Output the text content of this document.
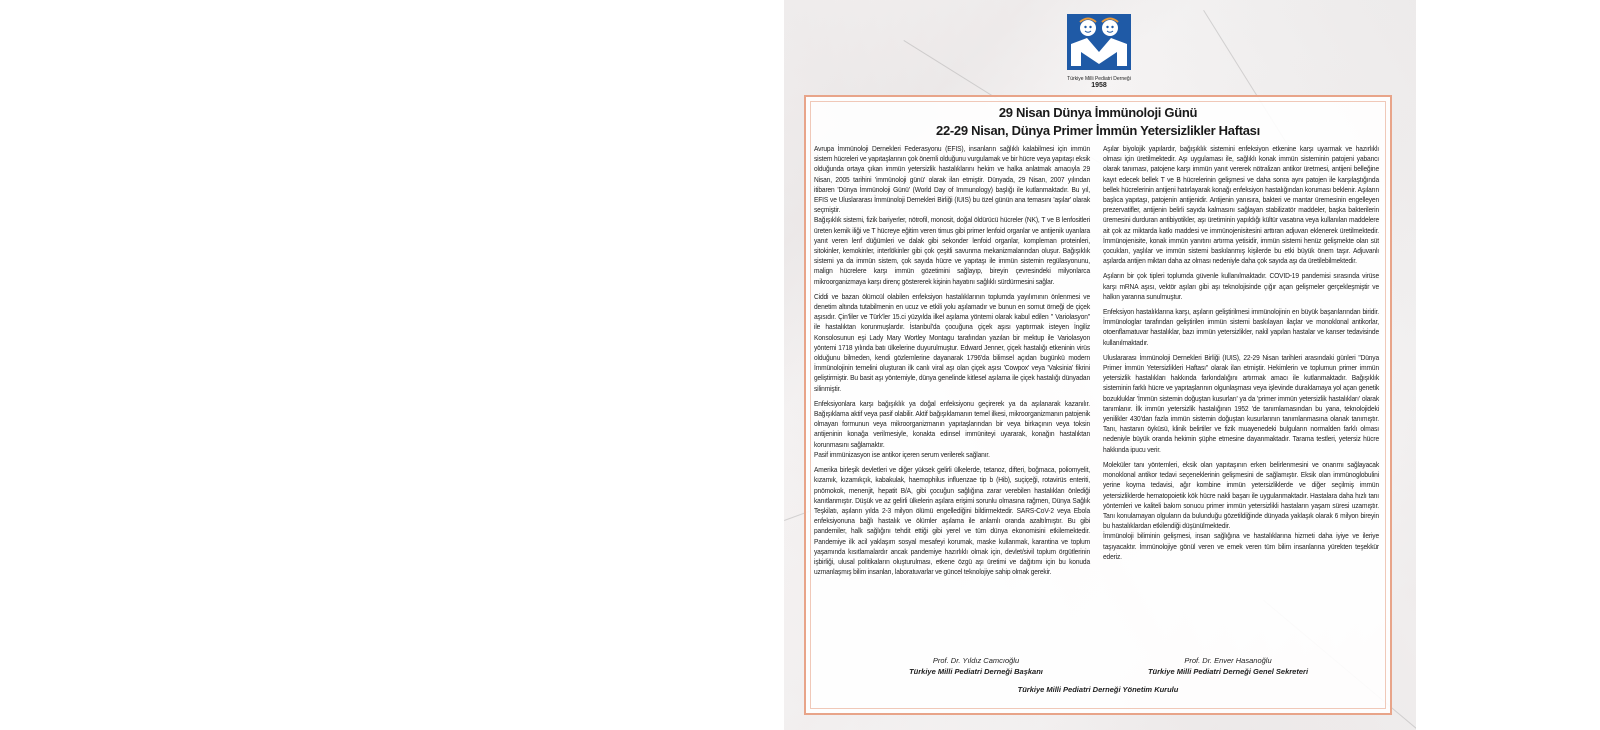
Türkiye Milli Pediatri Derneği
1958
29 Nisan Dünya İmmünoloji Günü
22-29 Nisan, Dünya Primer İmmün Yetersizlikler Haftası

Avrupa İmmünoloji Dernekleri Federasyonu (EFIS), insanların sağlıklı kalabilmesi için immün sistem hücreleri ve yapıtaşlarının çok önemli olduğunu vurgulamak ve bir hücre veya yapıtaşı eksik olduğunda ortaya çıkan immün yetersizlik hastalıklarını hekim ve halka anlatmak amacıyla 29 Nisan, 2005 tarihini 'immünoloji günü' olarak ilan etmiştir. Dünyada, 29 Nisan, 2007 yılından itibaren 'Dünya İmmünoloji Günü' (World Day of Immunology) başlığı ile kutlanmaktadır. Bu yıl, EFIS ve Uluslararası İmmünoloji Dernekleri Birliği (IUIS) bu özel günün ana temasını 'aşılar' olarak seçmiştir.
Bağışıklık sistemi, fizik bariyerler, nötrofil, monosit, doğal öldürücü hücreler (NK), T ve B lenfositleri üreten kemik iliği ve T hücreye eğitim veren timus gibi primer lenfoid organlar ve antijenik uyarılara yanıt veren lenf düğümleri ve dalak gibi sekonder lenfoid organlar, kompleman proteinleri, sitokinler, kemokinler, interlökinler gibi çok çeşitli savunma mekanizmalarından oluşur. Bağışıklık sistemi ya da immün sistem, çok sayıda hücre ve yapıtaşı ile immün sistemin regülasyonunu, malign hücrelere karşı immün gözetimini sağlayıp, bireyin çevresindeki milyonlarca mikroorganizmaya karşı direnç göstererek kişinin hayatını sağlıklı sürdürmesini sağlar.

Ciddi ve bazan ölümcül olabilen enfeksiyon hastalıklarının toplumda yayılımının önlenmesi ve denetim altında tutabilmenin en ucuz ve etkili yolu aşılamadır ve bunun en somut örneği de çiçek aşısıdır. Çin'liler ve Türk'ler 15.ci yüzyılda ilkel aşılama yöntemi olarak kabul edilen " Variolasyon" ile hastalıktan korunmuşlardır. İstanbul'da çocuğuna çiçek aşısı yaptırmak isteyen İngiliz Konsolosunun eşi Lady Mary Wortley Montagu tarafından yazılan bir mektup ile Variolasyon yöntemi 1718 yılında batı ülkelerine duyurulmuştur. Edward Jenner, çiçek hastalığı etkeninin virüs olduğunu bilmeden, kendi gözlemlerine dayanarak 1796'da bilimsel açıdan bugünkü modern İmmünolojinin temelini oluşturan ilk canlı viral aşı olan çiçek aşısı 'Cowpox' veya 'Vaksinia' fikrini geliştirmiştir. Bu basit aşı yöntemiyle, dünya genelinde kitlesel aşılama ile çiçek hastalığı dünyadan silinmiştir.

Enfeksiyonlara karşı bağışıklık ya doğal enfeksiyonu geçirerek ya da aşılanarak kazanılır. Bağışıklama aktif veya pasif olabilir. Aktif bağışıklamanın temel ilkesi, mikroorganizmanın patojenik olmayan formunun veya mikroorganizmanın yapıtaşlarından bir veya birkaçının veya toksin antijeninin konağa verilmesiyle, konakta edinsel immüniteyi uyararak, konağın hastalıktan korunmasını sağlamaktır.
Pasif immünizasyon ise antikor içeren serum verilerek sağlanır.

Amerika birleşik devletleri ve diğer yüksek gelirli ülkelerde, tetanoz, difteri, boğmaca, poliomyelit, kızamık, kızamıkçık, kabakulak, haemophilus influenzae tip b (Hib), suçiçeği, rotavirüs enteriti, pnömokok, menenjit, hepatit B/A, gibi çocuğun sağlığına zarar verebilen hastalıkları önlediği kanıtlanmıştır. Düşük ve az gelirli ülkelerin aşılara erişimi sorunlu olmasına rağmen, Dünya Sağlık Teşkilatı, aşıların yılda 2-3 milyon ölümü engellediğini bildirmektedir. SARS-CoV-2 veya Ebola enfeksiyonuna bağlı hastalık ve ölümler aşılama ile anlamlı oranda azaltılmıştır. Bu gibi pandemiler, halk sağlığını tehdit ettiği gibi yerel ve tüm dünya ekonomisini etkilemektedir. Pandemiye ilk acil yaklaşım sosyal mesafeyi korumak, maske kullanmak, karantina ve toplum yaşamında kısıtlamalardır ancak pandemiye hazırlıklı olmak için, devlet/sivil toplum örgütlerinin işbirliği, ulusal politikaların oluşturulması, etkene özgü aşı üretimi ve dağıtımı için bu konuda uzmanlaşmış bilim insanları, laboratuvarlar ve güncel teknolojiye sahip olmak gerekir.

Aşılar biyolojik yapılardır, bağışıklık sistemini enfeksiyon etkenine karşı uyarmak ve hazırlıklı olması için üretilmektedir. Aşı uygulaması ile, sağlıklı konak immün sisteminin patojeni yabancı olarak tanıması, patojene karşı immün yanıt vererek nötralizan antikor üretmesi, antijeni belleğine kayıt edecek bellek T ve B hücrelerinin gelişmesi ve daha sonra aynı patojen ile karşılaştığında bellek hücrelerinin antijeni hatırlayarak konağı enfeksiyon hastalığından koruması beklenir. Aşıların başlıca yapıtaşı, patojenin antijenidir. Antijenin yanısıra, bakteri ve mantar üremesinin engelleyen prezervatifler, antijenin belirli sayıda kalmasını sağlayan stabilizatör maddeler, başka bakterilerin üremesini durduran antibiyotikler, aşı üretiminin yapıldığı kültür vasatına veya kullanılan maddelere ait çok az miktarda katkı maddesi ve immünojenisitesini arttıran adjuvan eklenerek üretilmektedir. İmmünojenisite, konak immün yanıtını artırma yetisidir, immün sistemi henüz gelişmekte olan süt çocukları, yaşlılar ve immün sistemi baskılanmış kişilerde bu etki büyük önem taşır. Adjuvanlı aşılarda antijen miktarı daha az olması nedeniyle daha çok sayıda aşı da üretilebilmektedir.

Aşıların bir çok tipleri toplumda güvenle kullanılmaktadır. COVID-19 pandemisi sırasında virüse karşı mRNA aşısı, vektör aşıları gibi aşı teknolojisinde çığır açan gelişmeler gerçekleşmiştir ve halkın yararına sunulmuştur.

Enfeksiyon hastalıklarına karşı, aşıların geliştirilmesi immünolojinin en büyük başarılarından biridir. İmmünologlar tarafından geliştirilen immün sistemi baskılayan ilaçlar ve monoklonal antikorlar, otoenflamatuvar hastalıklar, bazı immün yetersizlikler, nakil yapılan hastalar ve kanser tedavisinde kullanılmaktadır.

Uluslararası İmmünoloji Dernekleri Birliği (IUIS), 22-29 Nisan tarihleri arasındaki günleri "Dünya Primer İmmün Yetersizlikleri Haftası" olarak ilan etmiştir. Hekimlerin ve toplumun primer immün yetersizlik hastalıkları hakkında farkındalığını artırmak amacı ile kutlanmaktadır. Bağışıklık sisteminin farklı hücre ve yapıtaşlarının olgunlaşması veya işlevinde duraklamaya yol açan genetik bozukluklar 'İmmün sistemin doğuştan kusurları' ya da 'primer immün yetersizlik hastalıkları' olarak tanımlanır. İlk immün yetersizlik hastalığının 1952 'de tanımlamasından bu yana, teknolojideki yenilikler 430'dan fazla immün sistemin doğuştan kusurlarının tanımlanmasına olanak tanımıştır. Tanı, hastanın öyküsü, klinik belirtiler ve fizik muayenedeki bulguların normalden farklı olması nedeniyle büyük oranda hekimin şüphe etmesine dayanmaktadır. Tarama testleri, yetersiz hücre hakkında ipucu verir.

Moleküler tanı yöntemleri, eksik olan yapıtaşının erken belirlenmesini ve onarımı sağlayacak monoklonal antikor tedavi seçeneklerinin gelişmesini de sağlamıştır. Eksik olan immünoglobulini yerine koyma tedavisi, ağır kombine immün yetersizliklerde ve diğer seçilmiş immün yetersizliklerde hematopoietik kök hücre nakli başarı ile uygulanmaktadır. Hastalara daha hızlı tanı yöntemleri ve kaliteli bakım sonucu primer immün yetersizlikli hastaların yaşam süresi uzamıştır. Tanı konulamayan olguların da bulunduğu gözetildiğinde dünyada yaklaşık olarak 6 milyon bireyin bu hastalıklardan etkilendiği düşünülmektedir.
İmmünoloji biliminin gelişmesi, insan sağlığına ve hastalıklarına hizmeti daha iyiye ve ileriye taşıyacaktır. İmmünolojiye gönül veren ve emek veren tüm bilim insanlarına yürekten teşekkür ederiz.

Prof. Dr. Yıldız Camcıoğlu
Türkiye Milli Pediatri Derneği Başkanı
Prof. Dr. Enver Hasanoğlu
Türkiye Milli Pediatri Derneği Genel Sekreteri
Türkiye Milli Pediatri Derneği Yönetim Kurulu
